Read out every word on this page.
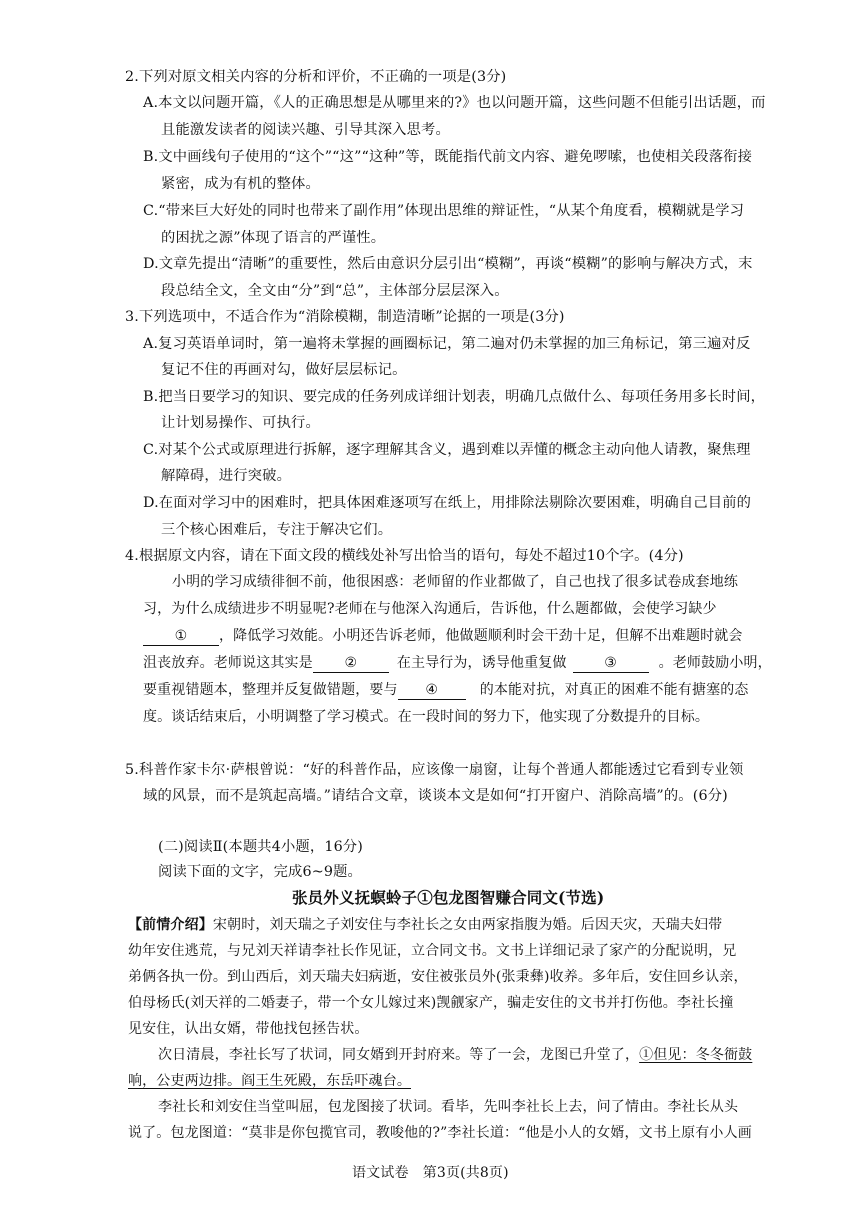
2.下列对原文相关内容的分析和评价，不正确的一项是(3分)
A.本文以问题开篇，《人的正确思想是从哪里来的?》也以问题开篇，这些问题不但能引出话题，而
且能激发读者的阅读兴趣、引导其深入思考。
B.文中画线句子使用的“这个”“这”“这种”等，既能指代前文内容、避免啰嗦，也使相关段落衔接
紧密，成为有机的整体。
C.“带来巨大好处的同时也带来了副作用”体现出思维的辩证性，“从某个角度看，模糊就是学习
的困扰之源”体现了语言的严谨性。
D.文章先提出“清晰”的重要性，然后由意识分层引出“模糊”，再谈“模糊”的影响与解决方式，末
段总结全文，全文由“分”到“总”，主体部分层层深入。
3.下列选项中，不适合作为“消除模糊，制造清晰”论据的一项是(3分)
A.复习英语单词时，第一遍将未掌握的画圈标记，第二遍对仍未掌握的加三角标记，第三遍对反
复记不住的再画对勾，做好层层标记。
B.把当日要学习的知识、要完成的任务列成详细计划表，明确几点做什么、每项任务用多长时间，
让计划易操作、可执行。
C.对某个公式或原理进行拆解，逐字理解其含义，遇到难以弄懂的概念主动向他人请教，聚焦理
解障碍，进行突破。
D.在面对学习中的困难时，把具体困难逐项写在纸上，用排除法剔除次要困难，明确自己目前的
三个核心困难后，专注于解决它们。
4.根据原文内容，请在下面文段的横线处补写出恰当的语句，每处不超过10个字。(4分)
小明的学习成绩徘徊不前，他很困惑：老师留的作业都做了，自己也找了很多试卷成套地练
习，为什么成绩进步不明显呢?老师在与他深入沟通后，告诉他，什么题都做，会使学习缺少
① ，降低学习效能。小明还告诉老师，他做题顺利时会干劲十足，但解不出难题时就会
沮丧放弃。老师说这其实是 ②	在主导行为，诱导他重复做	③	。老师鼓励小明，
要重视错题本，整理并反复做错题，要与 ④	的本能对抗，对真正的困难不能有搪塞的态
度。谈话结束后，小明调整了学习模式。在一段时间的努力下，他实现了分数提升的目标。
5.科普作家卡尔·萨根曾说：“好的科普作品，应该像一扇窗，让每个普通人都能透过它看到专业领
域的风景，而不是筑起高墙。”请结合文章，谈谈本文是如何“打开窗户、消除高墙”的。(6分)
(二)阅读Ⅱ(本题共4小题，16分)
阅读下面的文字，完成6~9题。
张员外义抚螟蛉子①包龙图智赚合同文(节选)
【前情介绍】宋朝时，刘天瑞之子刘安住与李社长之女由两家指腹为婚。后因天灾，天瑞夫妇带
幼年安住逃荒，与兄刘天祥请李社长作见证，立合同文书。文书上详细记录了家产的分配说明，兄
弟俩各执一份。到山西后，刘天瑞夫妇病逝，安住被张员外(张秉彝)收养。多年后，安住回乡认亲，
伯母杨氏(刘天祥的二婚妻子，带一个女儿嫁过来)觊觎家产，骗走安住的文书并打伤他。李社长撞
见安住，认出女婿，带他找包拯告状。
次日清晨，李社长写了状词，同女婿到开封府来。等了一会，龙图已升堂了，①但见：冬冬衙鼓
响，公吏两边排。阎王生死殿，东岳吓魂台。
李社长和刘安住当堂叫屈，包龙图接了状词。看毕，先叫李社长上去，问了情由。李社长从头
说了。包龙图道：“莫非是你包揽官司，教唆他的?”李社长道：“他是小人的女婿，文书上原有小人画
语文试卷　第3页(共8页)
